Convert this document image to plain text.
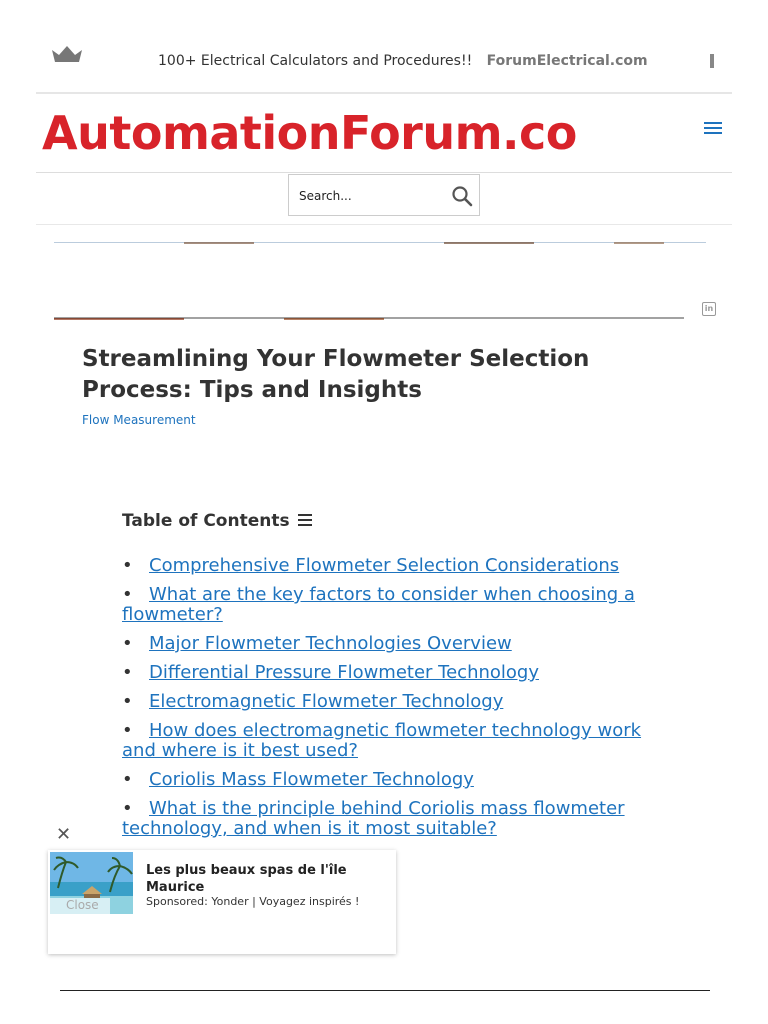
100+ Electrical Calculators and Procedures!! ForumElectrical.com
AutomationForum.co
Search...
in
Streamlining Your Flowmeter Selection Process: Tips and Insights
Flow Measurement
Table of Contents
• Comprehensive Flowmeter Selection Considerations
• What are the key factors to consider when choosing a flowmeter?
• Major Flowmeter Technologies Overview
• Differential Pressure Flowmeter Technology
• Electromagnetic Flowmeter Technology
• How does electromagnetic flowmeter technology work and where is it best used?
• Coriolis Mass Flowmeter Technology
• What is the principle behind Coriolis mass flowmeter technology, and when is it most suitable?
✕
Close
Les plus beaux spas de l'île Maurice
Sponsored: Yonder | Voyagez inspirés !
